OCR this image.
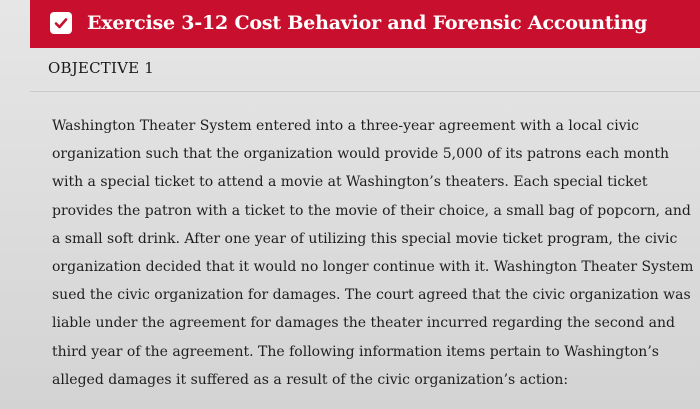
Exercise 3-12 Cost Behavior and Forensic Accounting
OBJECTIVE 1
Washington Theater System entered into a three-year agreement with a local civic
organization such that the organization would provide 5,000 of its patrons each month
with a special ticket to attend a movie at Washington’s theaters. Each special ticket
provides the patron with a ticket to the movie of their choice, a small bag of popcorn, and
a small soft drink. After one year of utilizing this special movie ticket program, the civic
organization decided that it would no longer continue with it. Washington Theater System
sued the civic organization for damages. The court agreed that the civic organization was
liable under the agreement for damages the theater incurred regarding the second and
third year of the agreement. The following information items pertain to Washington’s
alleged damages it suffered as a result of the civic organization’s action:
